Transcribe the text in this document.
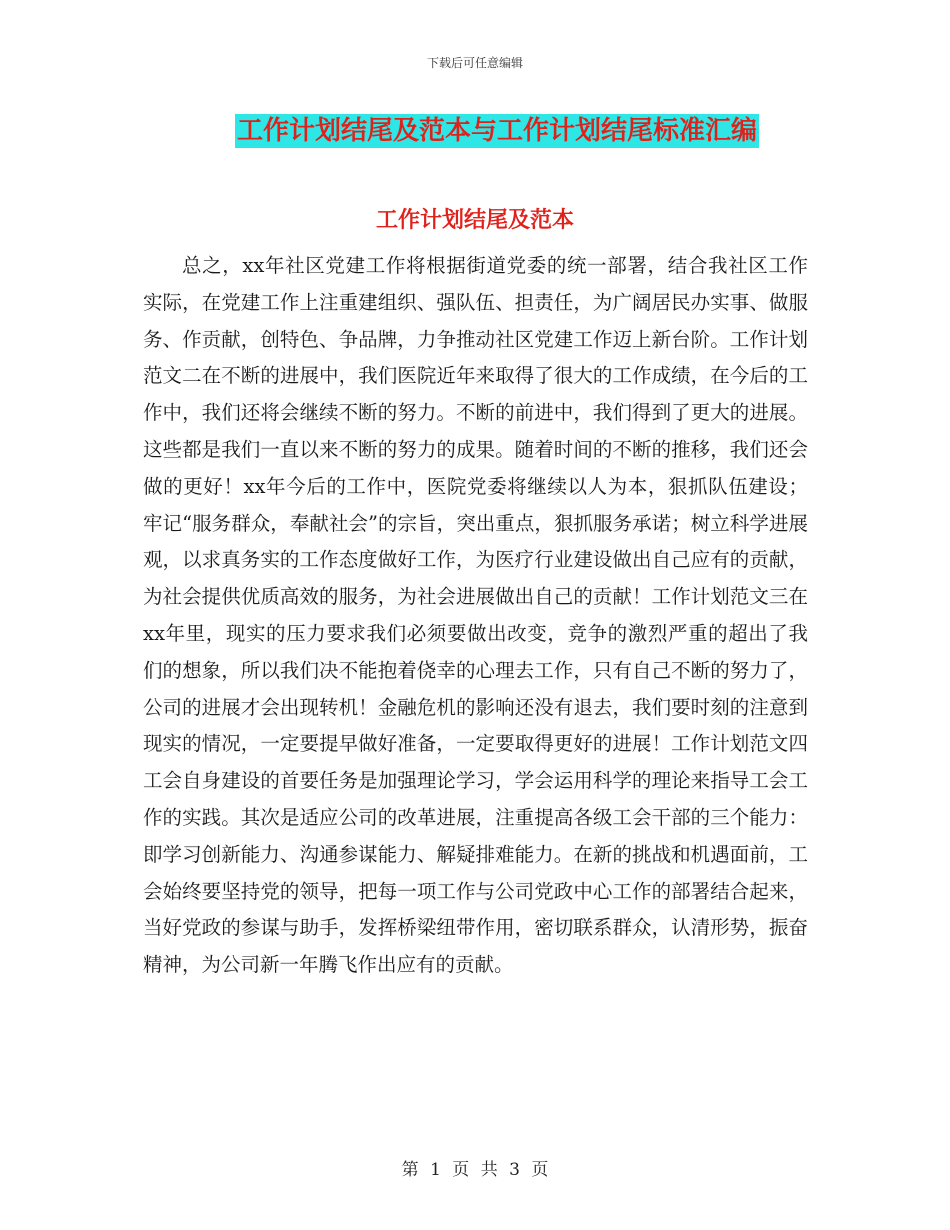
下载后可任意编辑
工作计划结尾及范本与工作计划结尾标准汇编
工作计划结尾及范本

总之，xx年社区党建工作将根据街道党委的统一部署，结合我社区工作实际，在党建工作上注重建组织、强队伍、担责任，为广阔居民办实事、做服务、作贡献，创特色、争品牌，力争推动社区党建工作迈上新台阶。工作计划范文二在不断的进展中，我们医院近年来取得了很大的工作成绩，在今后的工作中，我们还将会继续不断的努力。不断的前进中，我们得到了更大的进展。这些都是我们一直以来不断的努力的成果。随着时间的不断的推移，我们还会做的更好！xx年今后的工作中，医院党委将继续以人为本，狠抓队伍建设；牢记“服务群众，奉献社会”的宗旨，突出重点，狠抓服务承诺；树立科学进展观，以求真务实的工作态度做好工作，为医疗行业建设做出自己应有的贡献，为社会提供优质高效的服务，为社会进展做出自己的贡献！工作计划范文三在xx年里，现实的压力要求我们必须要做出改变，竞争的激烈严重的超出了我们的想象，所以我们决不能抱着侥幸的心理去工作，只有自己不断的努力了，公司的进展才会出现转机！金融危机的影响还没有退去，我们要时刻的注意到现实的情况，一定要提早做好准备，一定要取得更好的进展！工作计划范文四工会自身建设的首要任务是加强理论学习，学会运用科学的理论来指导工会工作的实践。其次是适应公司的改革进展，注重提高各级工会干部的三个能力：即学习创新能力、沟通参谋能力、解疑排难能力。在新的挑战和机遇面前，工会始终要坚持党的领导，把每一项工作与公司党政中心工作的部署结合起来，当好党政的参谋与助手，发挥桥梁纽带作用，密切联系群众，认清形势，振奋精神，为公司新一年腾飞作出应有的贡献。

第 1 页 共 3 页
